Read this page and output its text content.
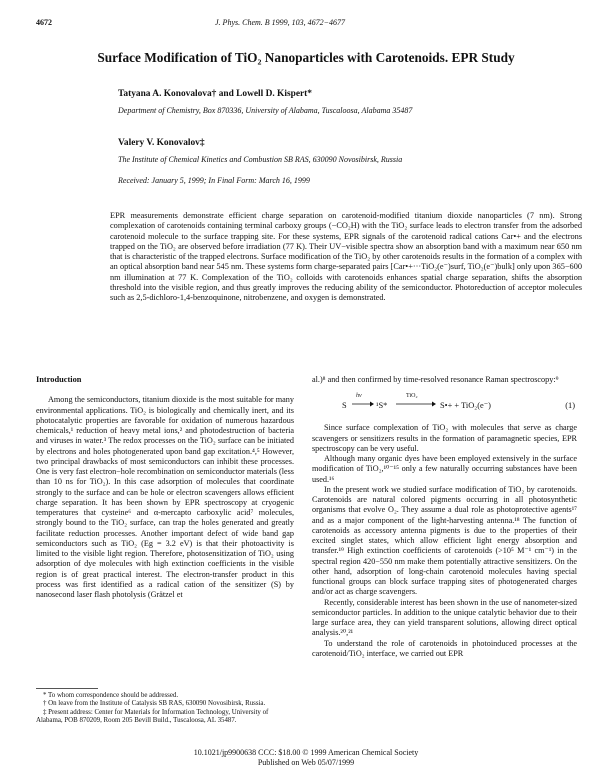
4672	J. Phys. Chem. B 1999, 103, 4672−4677
Surface Modification of TiO₂ Nanoparticles with Carotenoids. EPR Study
Tatyana A. Konovalova† and Lowell D. Kispert*
Department of Chemistry, Box 870336, University of Alabama, Tuscaloosa, Alabama 35487
Valery V. Konovalov‡
The Institute of Chemical Kinetics and Combustion SB RAS, 630090 Novosibirsk, Russia
Received: January 5, 1999; In Final Form: March 16, 1999
EPR measurements demonstrate efficient charge separation on carotenoid-modified titanium dioxide nanoparticles (7 nm). Strong complexation of carotenoids containing terminal carboxy groups (−CO₂H) with the TiO₂ surface leads to electron transfer from the adsorbed carotenoid molecule to the surface trapping site. For these systems, EPR signals of the carotenoid radical cations Car•+ and the electrons trapped on the TiO₂ are observed before irradiation (77 K). Their UV−visible spectra show an absorption band with a maximum near 650 nm that is characteristic of the trapped electrons. Surface modification of the TiO₂ by other carotenoids results in the formation of a complex with an optical absorption band near 545 nm. These systems form charge-separated pairs [Car•+···TiO₂(e⁻)surf, TiO₂(e⁻)bulk] only upon 365−600 nm illumination at 77 K. Complexation of the TiO₂ colloids with carotenoids enhances spatial charge separation, shifts the absorption threshold into the visible region, and thus greatly improves the reducing ability of the semiconductor. Photoreduction of acceptor molecules such as 2,5-dichloro-1,4-benzoquinone, nitrobenzene, and oxygen is demonstrated.
Introduction

Among the semiconductors, titanium dioxide is the most suitable for many environmental applications. TiO₂ is biologically and chemically inert, and its photocatalytic properties are favorable for oxidation of numerous hazardous chemicals,¹ reduction of heavy metal ions,² and photodestruction of bacteria and viruses in water.³ The redox processes on the TiO₂ surface can be initiated by electrons and holes photogenerated upon band gap excitation.⁴,⁵ However, two principal drawbacks of most semiconductors can inhibit these processes. One is very fast electron−hole recombination on semiconductor materials (less than 10 ns for TiO₂). In this case adsorption of molecules that coordinate strongly to the surface and can be hole or electron scavengers allows efficient charge separation. It has been shown by EPR spectroscopy at cryogenic temperatures that cysteine⁶ and α-mercapto carboxylic acid⁷ molecules, strongly bound to the TiO₂ surface, can trap the holes generated and greatly facilitate reduction processes. Another important defect of wide band gap semiconductors such as TiO₂ (Eg = 3.2 eV) is that their photoactivity is limited to the visible light region. Therefore, photosensitization of TiO₂ using adsorption of dye molecules with high extinction coefficients in the visible region is of great practical interest. The electron-transfer product in this process was first identified as a radical cation of the sensitizer (S) by nanosecond laser flash photolysis (Grätzel et

* To whom correspondence should be addressed.

† On leave from the Institute of Catalysis SB RAS, 630090 Novosibirsk, Russia.

‡ Present address: Center for Materials for Information Technology, University of Alabama, POB 870209, Room 205 Bevill Build., Tuscaloosa, AL 35487.

al.)⁸ and then confirmed by time-resolved resonance Raman spectroscopy:⁹

S
hν
¹S*
TiO₂
S•+ + TiO₂(e⁻)	(1)

Since surface complexation of TiO₂ with molecules that serve as charge scavengers or sensitizers results in the formation of paramagnetic species, EPR spectroscopy can be very useful.

Although many organic dyes have been employed extensively in the surface modification of TiO₂,¹⁰⁻¹⁵ only a few naturally occurring substances have been used.¹⁶

In the present work we studied surface modification of TiO₂ by carotenoids. Carotenoids are natural colored pigments occurring in all photosynthetic organisms that evolve O₂. They assume a dual role as photoprotective agents¹⁷ and as a major component of the light-harvesting antenna.¹⁸ The function of carotenoids as accessory antenna pigments is due to the properties of their excited singlet states, which allow efficient light energy absorption and transfer.¹⁹ High extinction coefficients of carotenoids (>10⁵ M⁻¹ cm⁻¹) in the spectral region 420−550 nm make them potentially attractive sensitizers. On the other hand, adsorption of long-chain carotenoid molecules having special functional groups can block surface trapping sites of photogenerated charges and/or act as charge scavengers.

Recently, considerable interest has been shown in the use of nanometer-sized semiconductor particles. In addition to the unique catalytic behavior due to their large surface area, they can yield transparent solutions, allowing direct optical analysis.²⁰,²¹

To understand the role of carotenoids in photoinduced processes at the carotenoid/TiO₂ interface, we carried out EPR

10.1021/jp9900638 CCC: $18.00 © 1999 American Chemical Society
Published on Web 05/07/1999
